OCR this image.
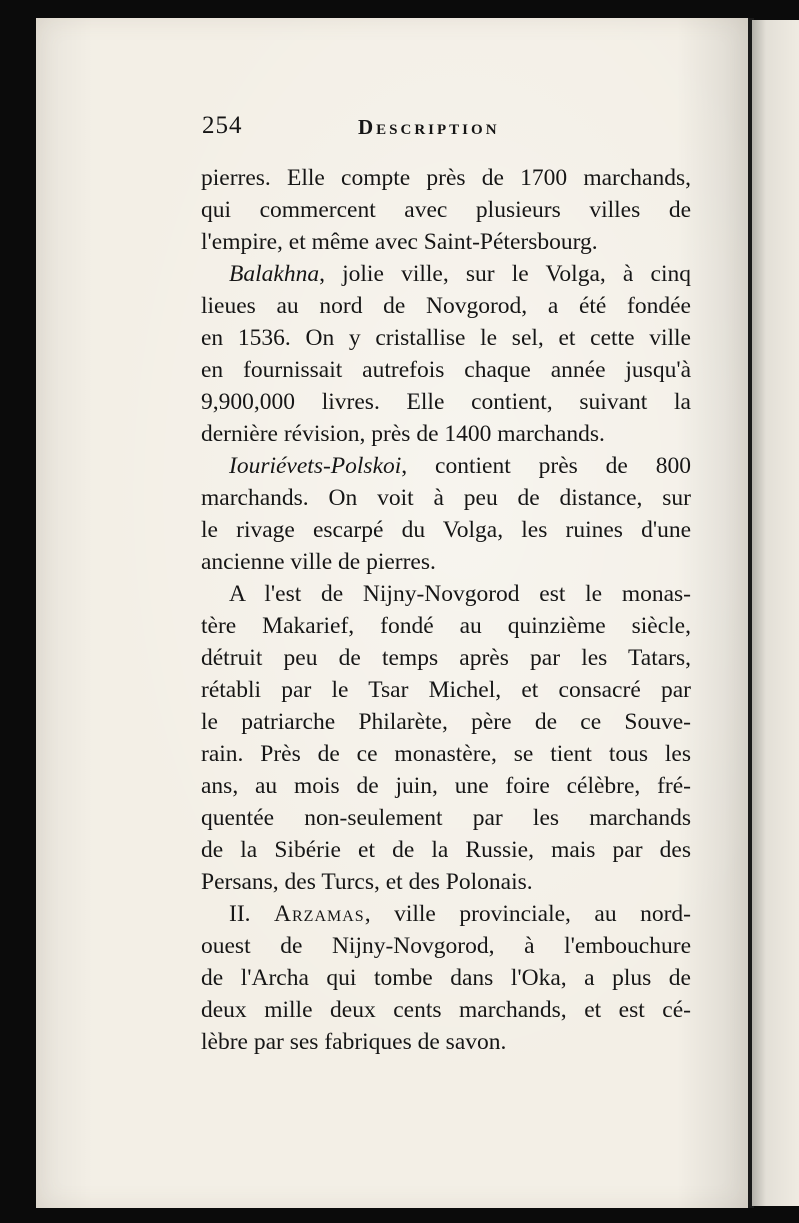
254	Description
pierres. Elle compte près de 1700 marchands,
qui commercent avec plusieurs villes de
l'empire, et même avec Saint-Pétersbourg.
Balakhna, jolie ville, sur le Volga, à cinq
lieues au nord de Novgorod, a été fondée
en 1536. On y cristallise le sel, et cette ville
en fournissait autrefois chaque année jusqu'à
9,900,000 livres. Elle contient, suivant la
dernière révision, près de 1400 marchands.
Iouriévets-Polskoi, contient près de 800
marchands. On voit à peu de distance, sur
le rivage escarpé du Volga, les ruines d'une
ancienne ville de pierres.
A l'est de Nijny-Novgorod est le monas-
tère Makarief, fondé au quinzième siècle,
détruit peu de temps après par les Tatars,
rétabli par le Tsar Michel, et consacré par
le patriarche Philarète, père de ce Souve-
rain. Près de ce monastère, se tient tous les
ans, au mois de juin, une foire célèbre, fré-
quentée non-seulement par les marchands
de la Sibérie et de la Russie, mais par des
Persans, des Turcs, et des Polonais.
II. Arzamas, ville provinciale, au nord-
ouest de Nijny-Novgorod, à l'embouchure
de l'Archa qui tombe dans l'Oka, a plus de
deux mille deux cents marchands, et est cé-
lèbre par ses fabriques de savon.
